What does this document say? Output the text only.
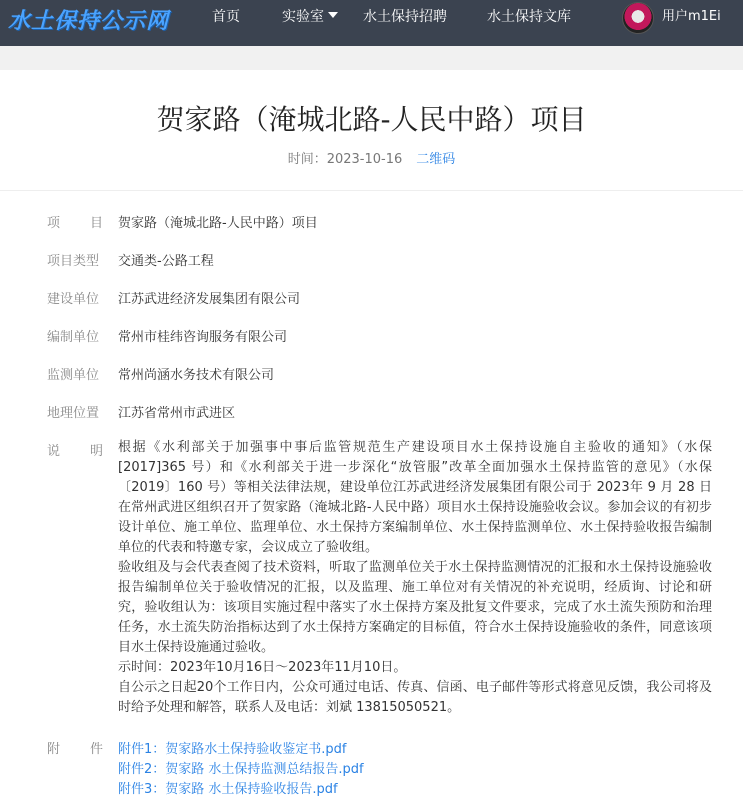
水土保持公示网	首页	实验室	水土保持招聘	水土保持文库	用户m1Ei
贺家路（淹城北路-人民中路）项目
时间：2023-10-16 二维码
项　目 贺家路（淹城北路-人民中路）项目
项目类型 交通类-公路工程
建设单位 江苏武进经济发展集团有限公司
编制单位 常州市桂纬咨询服务有限公司
监测单位 常州尚涵水务技术有限公司
地理位置 江苏省常州市武进区
说　明 根据《水利部关于加强事中事后监管规范生产建设项目水土保持设施自主验收的通知》（水保[2017]365 号）和《水利部关于进一步深化“放管服”改革全面加强水土保持监管的意见》（水保〔2019〕160 号）等相关法律法规，建设单位江苏武进经济发展集团有限公司于 2023年 9 月 28 日在常州武进区组织召开了贺家路（淹城北路-人民中路）项目水土保持设施验收会议。参加会议的有初步设计单位、施工单位、监理单位、水土保持方案编制单位、水土保持监测单位、水土保持验收报告编制单位的代表和特邀专家，会议成立了验收组。

验收组及与会代表查阅了技术资料，听取了监测单位关于水土保持监测情况的汇报和水土保持设施验收报告编制单位关于验收情况的汇报，以及监理、施工单位对有关情况的补充说明，经质询、讨论和研究，验收组认为：该项目实施过程中落实了水土保持方案及批复文件要求，完成了水土流失预防和治理任务，水土流失防治指标达到了水土保持方案确定的目标值，符合水土保持设施验收的条件，同意该项目水土保持设施通过验收。

示时间：2023年10月16日～2023年11月10日。

自公示之日起20个工作日内，公众可通过电话、传真、信函、电子邮件等形式将意见反馈，我公司将及时给予处理和解答，联系人及电话：刘斌 13815050521。

附　件 附件1：贺家路水土保持验收鉴定书.pdf
附件2：贺家路 水土保持监测总结报告.pdf
附件3：贺家路 水土保持验收报告.pdf
